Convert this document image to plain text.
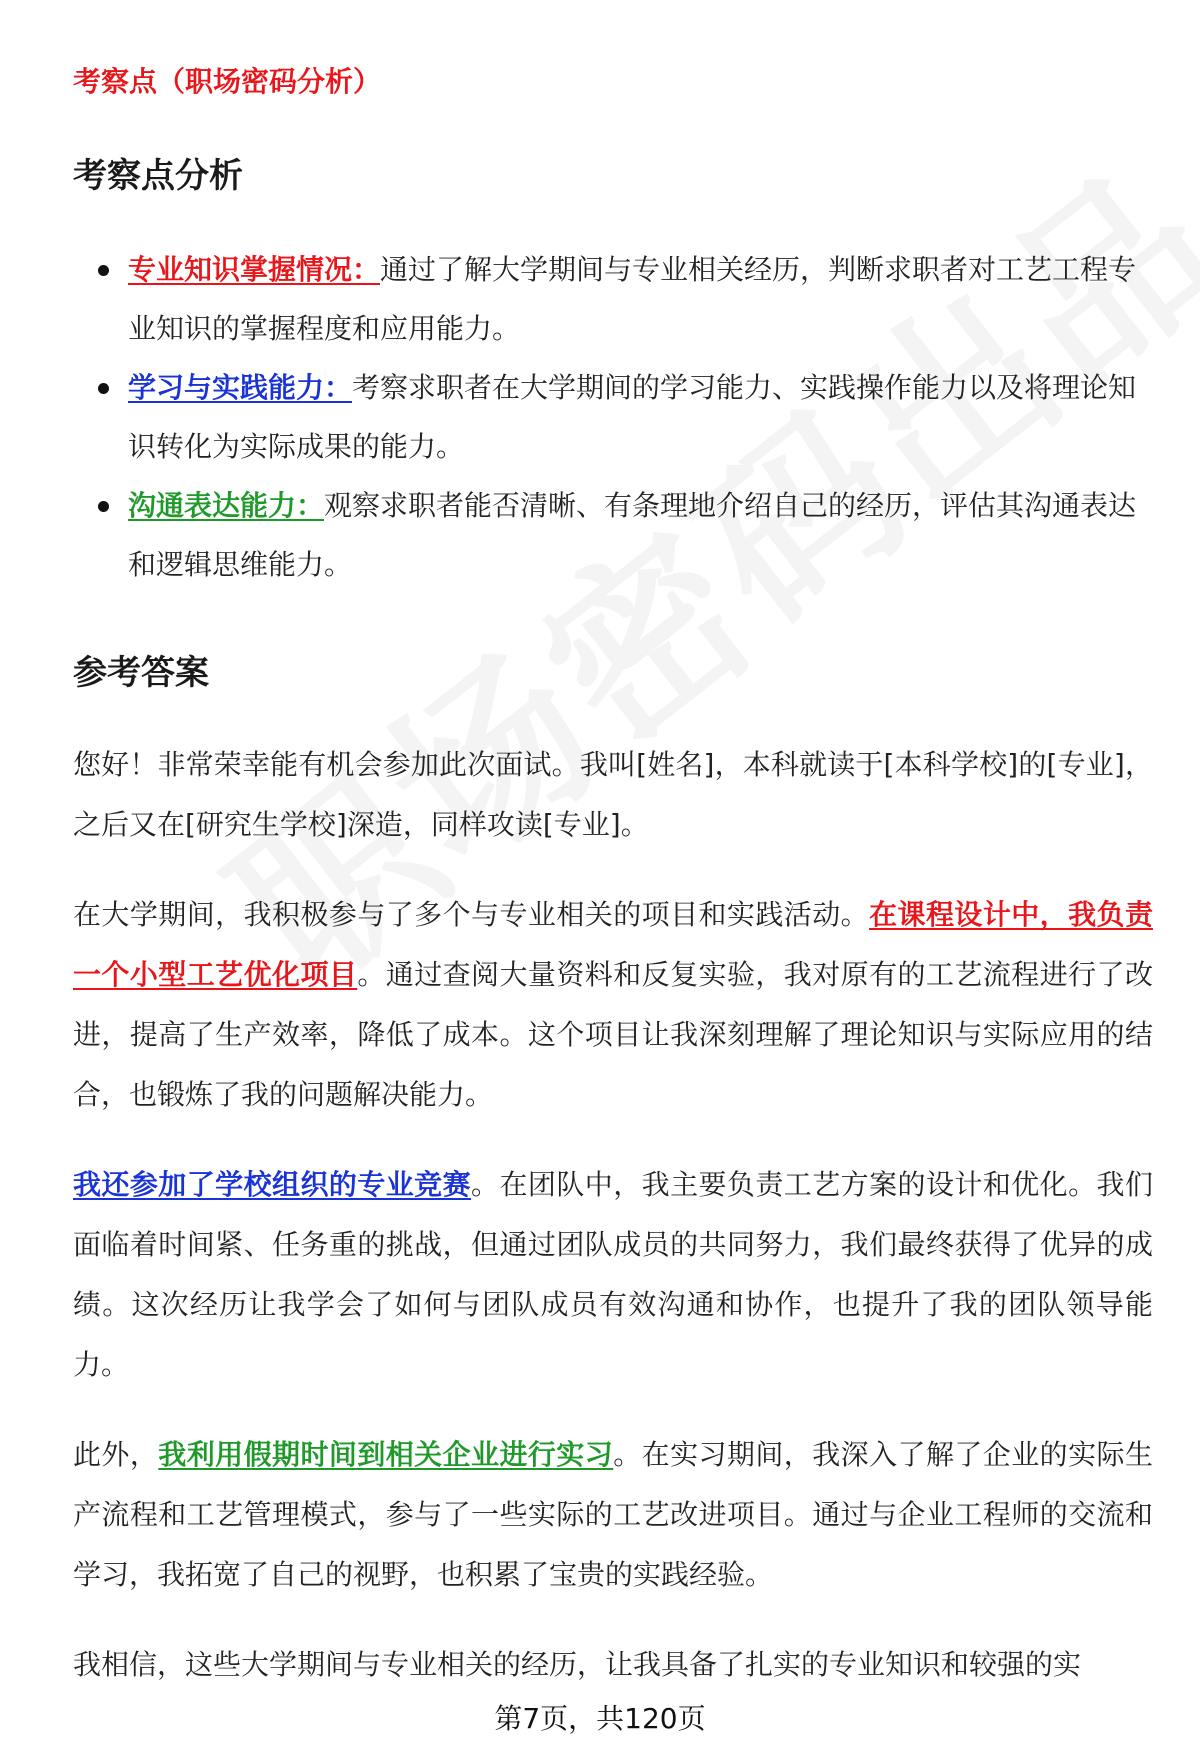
考察点（职场密码分析）

考察点分析
专业知识掌握情况：通过了解大学期间与专业相关经历，判断求职者对工艺工程专业知识的掌握程度和应用能力。
学习与实践能力：考察求职者在大学期间的学习能力、实践操作能力以及将理论知识转化为实际成果的能力。
沟通表达能力：观察求职者能否清晰、有条理地介绍自己的经历，评估其沟通表达和逻辑思维能力。
参考答案

您好！非常荣幸能有机会参加此次面试。我叫[姓名]，本科就读于[本科学校]的[专业]，之后又在[研究生学校]深造，同样攻读[专业]。

在大学期间，我积极参与了多个与专业相关的项目和实践活动。在课程设计中，我负责一个小型工艺优化项目。通过查阅大量资料和反复实验，我对原有的工艺流程进行了改进，提高了生产效率，降低了成本。这个项目让我深刻理解了理论知识与实际应用的结合，也锻炼了我的问题解决能力。

我还参加了学校组织的专业竞赛。在团队中，我主要负责工艺方案的设计和优化。我们面临着时间紧、任务重的挑战，但通过团队成员的共同努力，我们最终获得了优异的成绩。这次经历让我学会了如何与团队成员有效沟通和协作，也提升了我的团队领导能力。

此外，我利用假期时间到相关企业进行实习。在实习期间，我深入了解了企业的实际生产流程和工艺管理模式，参与了一些实际的工艺改进项目。通过与企业工程师的交流和学习，我拓宽了自己的视野，也积累了宝贵的实践经验。

我相信，这些大学期间与专业相关的经历，让我具备了扎实的专业知识和较强的实

第7页，共120页
